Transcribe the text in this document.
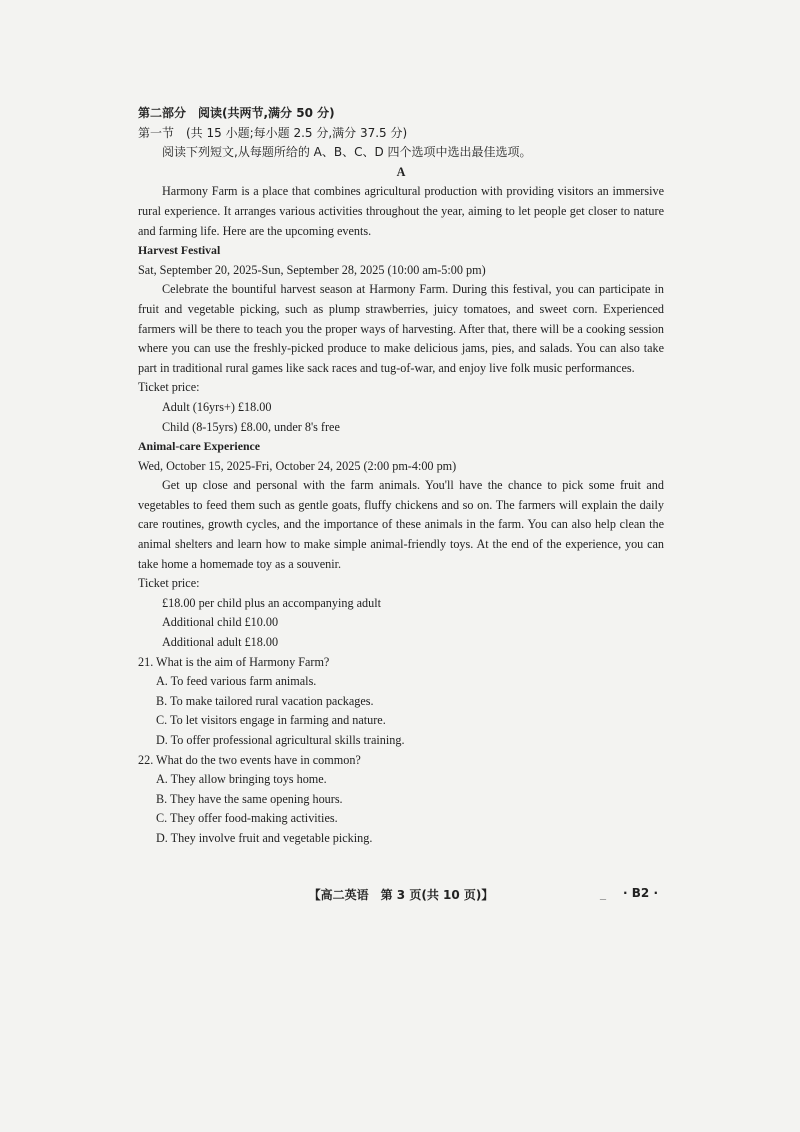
第二部分　阅读(共两节,满分 50 分)
第一节　(共 15 小题;每小题 2.5 分,满分 37.5 分)
阅读下列短文,从每题所给的 A、B、C、D 四个选项中选出最佳选项。
A

Harmony Farm is a place that combines agricultural production with providing visitors an immersive rural experience. It arranges various activities throughout the year, aiming to let people get closer to nature and farming life. Here are the upcoming events.

Harvest Festival
Sat, September 20, 2025-Sun, September 28, 2025 (10:00 am-5:00 pm)

Celebrate the bountiful harvest season at Harmony Farm. During this festival, you can participate in fruit and vegetable picking, such as plump strawberries, juicy tomatoes, and sweet corn. Experienced farmers will be there to teach you the proper ways of harvesting. After that, there will be a cooking session where you can use the freshly-picked produce to make delicious jams, pies, and salads. You can also take part in traditional rural games like sack races and tug-of-war, and enjoy live folk music performances.

Ticket price:
Adult (16yrs+) £18.00
Child (8-15yrs) £8.00, under 8's free
Animal-care Experience
Wed, October 15, 2025-Fri, October 24, 2025 (2:00 pm-4:00 pm)

Get up close and personal with the farm animals. You'll have the chance to pick some fruit and vegetables to feed them such as gentle goats, fluffy chickens and so on. The farmers will explain the daily care routines, growth cycles, and the importance of these animals in the farm. You can also help clean the animal shelters and learn how to make simple animal-friendly toys. At the end of the experience, you can take home a homemade toy as a souvenir.

Ticket price:
£18.00 per child plus an accompanying adult
Additional child £10.00
Additional adult £18.00
21. What is the aim of Harmony Farm?
A. To feed various farm animals.
B. To make tailored rural vacation packages.
C. To let visitors engage in farming and nature.
D. To offer professional agricultural skills training.
22. What do the two events have in common?
A. They allow bringing toys home.
B. They have the same opening hours.
C. They offer food-making activities.
D. They involve fruit and vegetable picking.
【高二英语　第 3 页(共 10 页)】	_ · B2 ·
